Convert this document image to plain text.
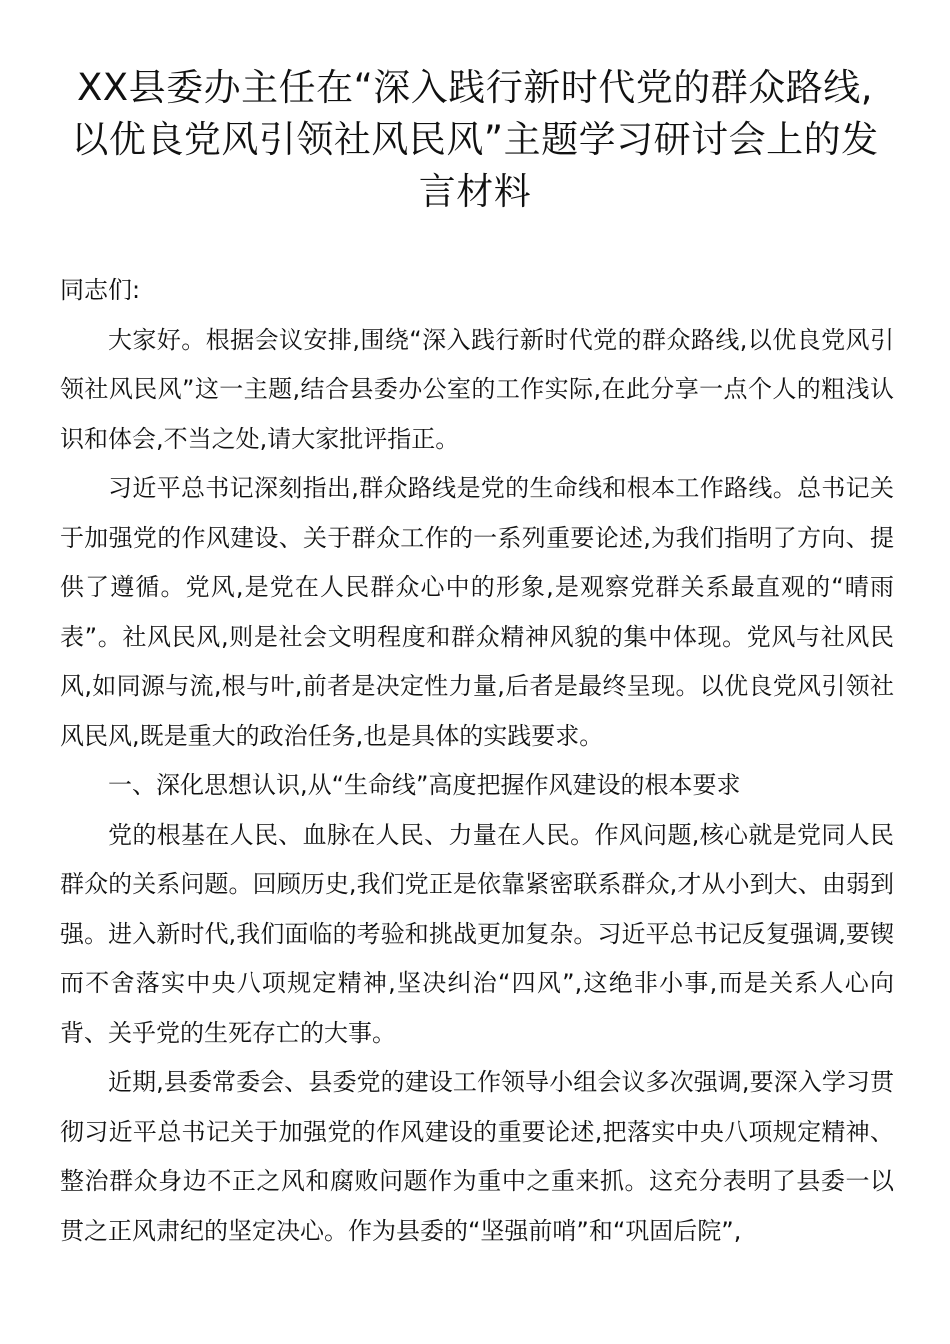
XX县委办主任在“深入践行新时代党的群众路线,以优良党风引领社风民风”主题学习研讨会上的发言材料

同志们:

大家好。根据会议安排,围绕“深入践行新时代党的群众路线,以优良党风引领社风民风”这一主题,结合县委办公室的工作实际,在此分享一点个人的粗浅认识和体会,不当之处,请大家批评指正。

习近平总书记深刻指出,群众路线是党的生命线和根本工作路线。总书记关于加强党的作风建设、关于群众工作的一系列重要论述,为我们指明了方向、提供了遵循。党风,是党在人民群众心中的形象,是观察党群关系最直观的“晴雨表”。社风民风,则是社会文明程度和群众精神风貌的集中体现。党风与社风民风,如同源与流,根与叶,前者是决定性力量,后者是最终呈现。以优良党风引领社风民风,既是重大的政治任务,也是具体的实践要求。

一、深化思想认识,从“生命线”高度把握作风建设的根本要求

党的根基在人民、血脉在人民、力量在人民。作风问题,核心就是党同人民群众的关系问题。回顾历史,我们党正是依靠紧密联系群众,才从小到大、由弱到强。进入新时代,我们面临的考验和挑战更加复杂。习近平总书记反复强调,要锲而不舍落实中央八项规定精神,坚决纠治“四风”,这绝非小事,而是关系人心向背、关乎党的生死存亡的大事。

近期,县委常委会、县委党的建设工作领导小组会议多次强调,要深入学习贯彻习近平总书记关于加强党的作风建设的重要论述,把落实中央八项规定精神、整治群众身边不正之风和腐败问题作为重中之重来抓。这充分表明了县委一以贯之正风肃纪的坚定决心。作为县委的“坚强前哨”和“巩固后院”,
